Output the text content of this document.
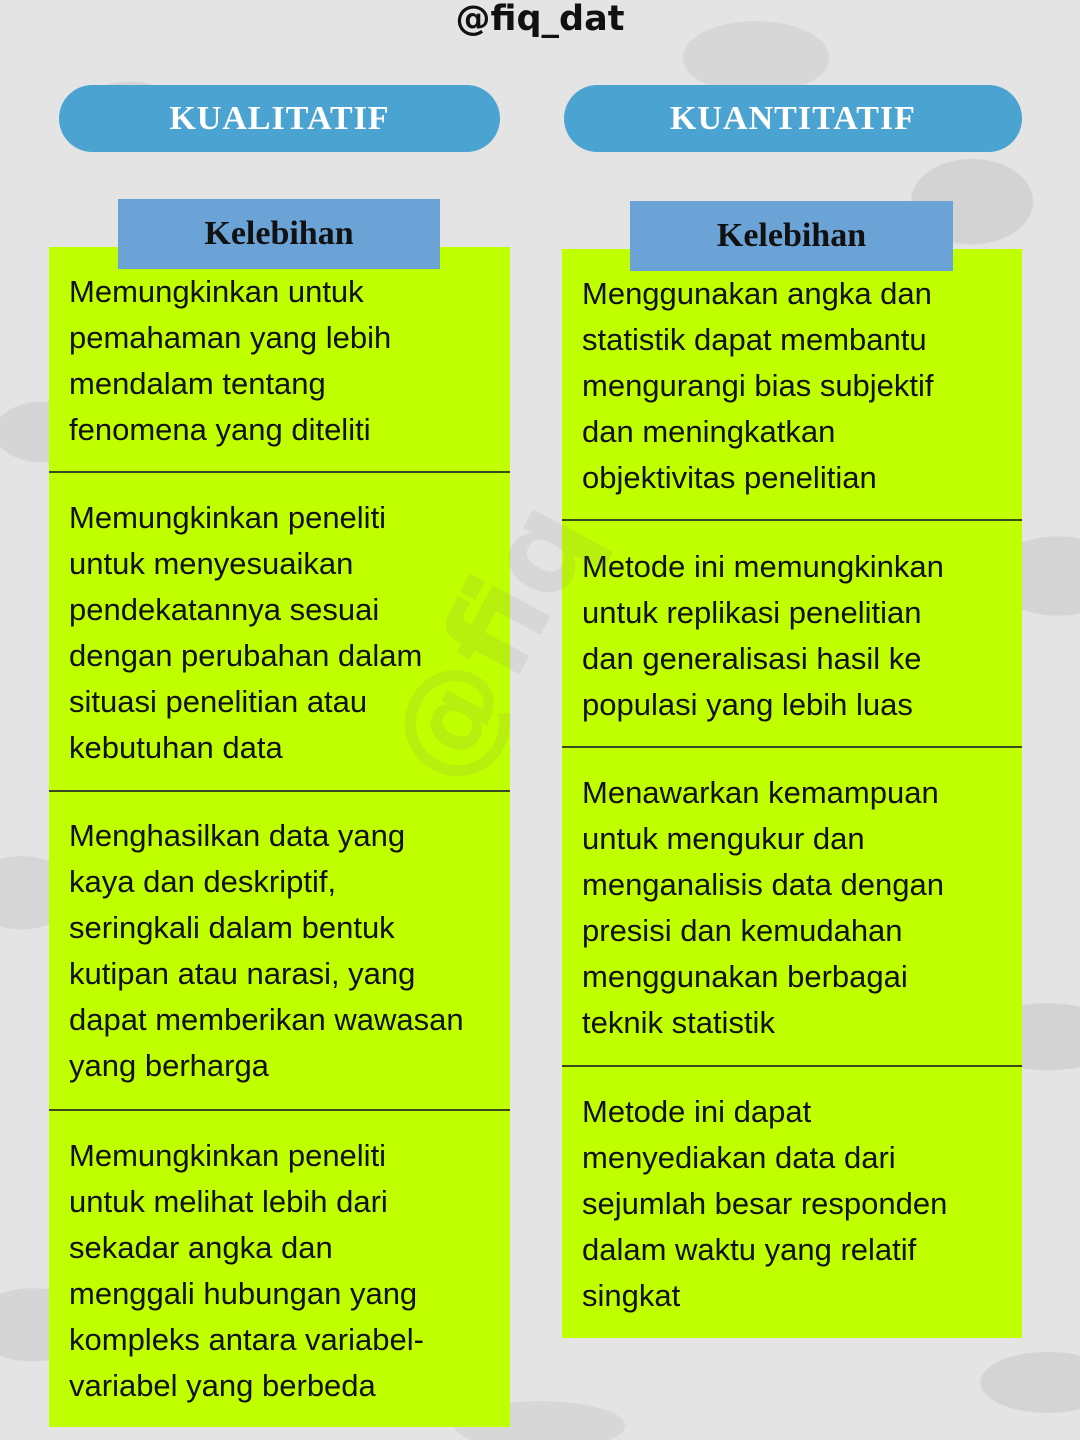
@fiq_dat
KUALITATIF	KUANTITATIF
Kelebihan
Memungkinkan untuk
pemahaman yang lebih
mendalam tentang
fenomena yang diteliti
Memungkinkan peneliti
untuk menyesuaikan
pendekatannya sesuai
dengan perubahan dalam
situasi penelitian atau
kebutuhan data
Menghasilkan data yang
kaya dan deskriptif,
seringkali dalam bentuk
kutipan atau narasi, yang
dapat memberikan wawasan
yang berharga
Memungkinkan peneliti
untuk melihat lebih dari
sekadar angka dan
menggali hubungan yang
kompleks antara variabel-
variabel yang berbeda
Kelebihan
Menggunakan angka dan
statistik dapat membantu
mengurangi bias subjektif
dan meningkatkan
objektivitas penelitian
Metode ini memungkinkan
untuk replikasi penelitian
dan generalisasi hasil ke
populasi yang lebih luas
Menawarkan kemampuan
untuk mengukur dan
menganalisis data dengan
presisi dan kemudahan
menggunakan berbagai
teknik statistik
Metode ini dapat
menyediakan data dari
sejumlah besar responden
dalam waktu yang relatif
singkat
